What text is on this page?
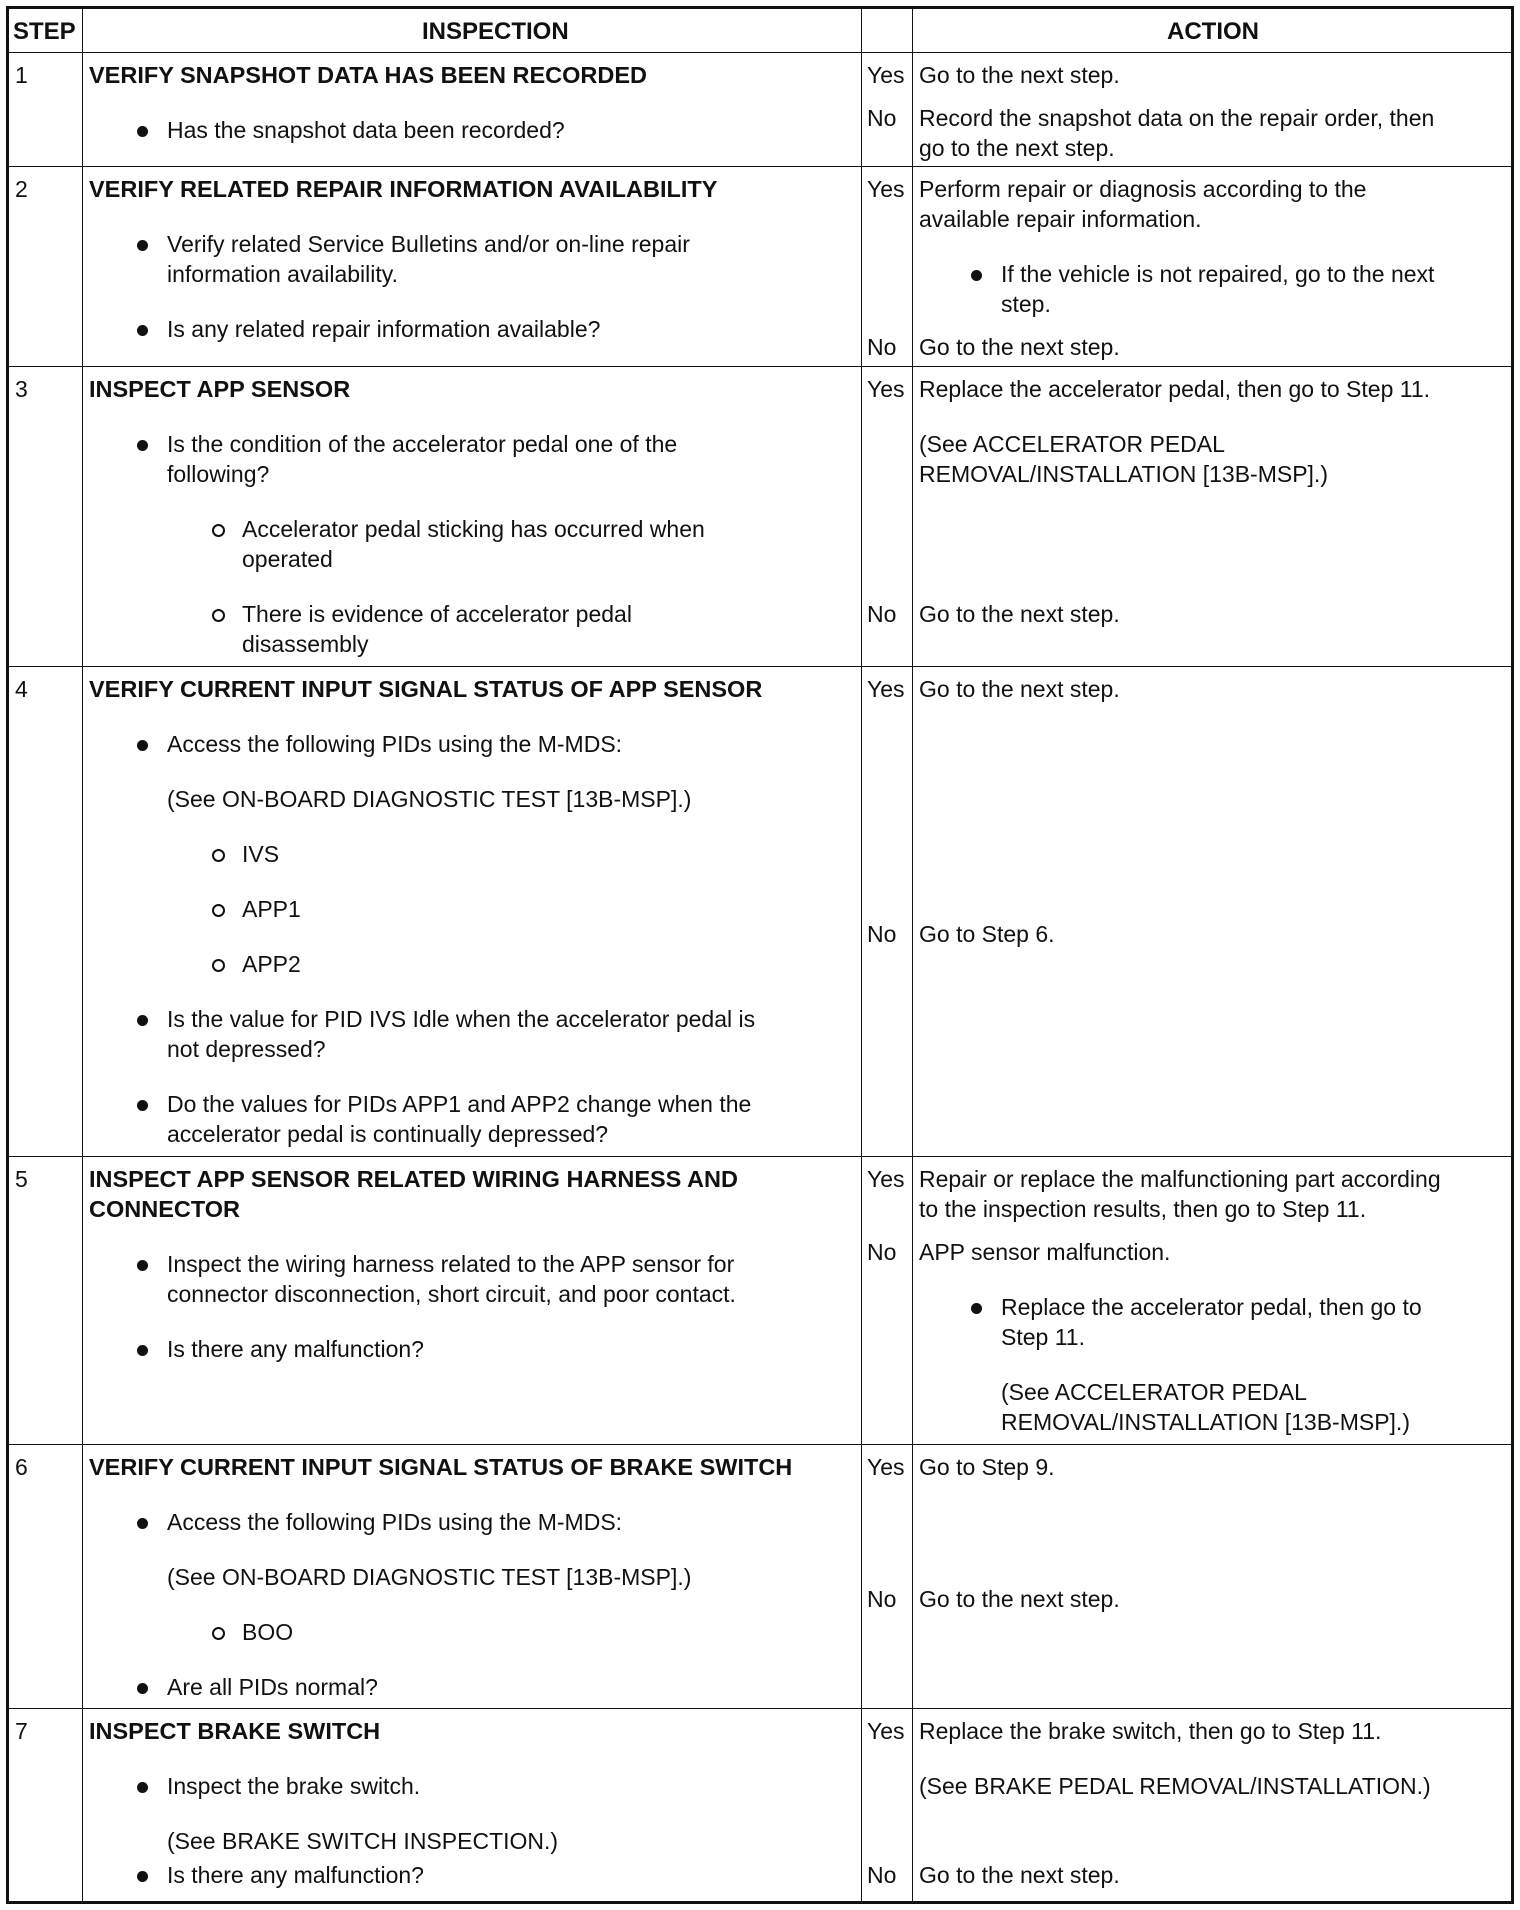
STEP	INSPECTION	ACTION
1	VERIFY SNAPSHOT DATA HAS BEEN RECORDED
Has the snapshot data been recorded?
Yes Go to the next step.
No Record the snapshot data on the repair order, then
go to the next step.
2	VERIFY RELATED REPAIR INFORMATION AVAILABILITY
Verify related Service Bulletins and/or on-line repair
information availability.
Is any related repair information available?
Yes Perform repair or diagnosis according to the
available repair information.
If the vehicle is not repaired, go to the next
step.
No Go to the next step.
3	INSPECT APP SENSOR
Is the condition of the accelerator pedal one of the
following?
Accelerator pedal sticking has occurred when
operated
There is evidence of accelerator pedal
disassembly
Yes Replace the accelerator pedal, then go to Step 11.
(See ACCELERATOR PEDAL
REMOVAL/INSTALLATION [13B-MSP].)
No Go to the next step.
4	VERIFY CURRENT INPUT SIGNAL STATUS OF APP SENSOR
Access the following PIDs using the M-MDS:
(See ON-BOARD DIAGNOSTIC TEST [13B-MSP].)
IVS
APP1
APP2
Is the value for PID IVS Idle when the accelerator pedal is
not depressed?
Do the values for PIDs APP1 and APP2 change when the
accelerator pedal is continually depressed?
Yes Go to the next step.
No Go to Step 6.
5	INSPECT APP SENSOR RELATED WIRING HARNESS AND
CONNECTOR
Inspect the wiring harness related to the APP sensor for
connector disconnection, short circuit, and poor contact.
Is there any malfunction?
Yes Repair or replace the malfunctioning part according
to the inspection results, then go to Step 11.
No APP sensor malfunction.
Replace the accelerator pedal, then go to
Step 11.
(See ACCELERATOR PEDAL
REMOVAL/INSTALLATION [13B-MSP].)
6	VERIFY CURRENT INPUT SIGNAL STATUS OF BRAKE SWITCH
Access the following PIDs using the M-MDS:
(See ON-BOARD DIAGNOSTIC TEST [13B-MSP].)
BOO
Are all PIDs normal?
Yes Go to Step 9.
No Go to the next step.
7	INSPECT BRAKE SWITCH
Inspect the brake switch.
(See BRAKE SWITCH INSPECTION.)
Is there any malfunction?
Yes Replace the brake switch, then go to Step 11.
(See BRAKE PEDAL REMOVAL/INSTALLATION.)
No Go to the next step.
